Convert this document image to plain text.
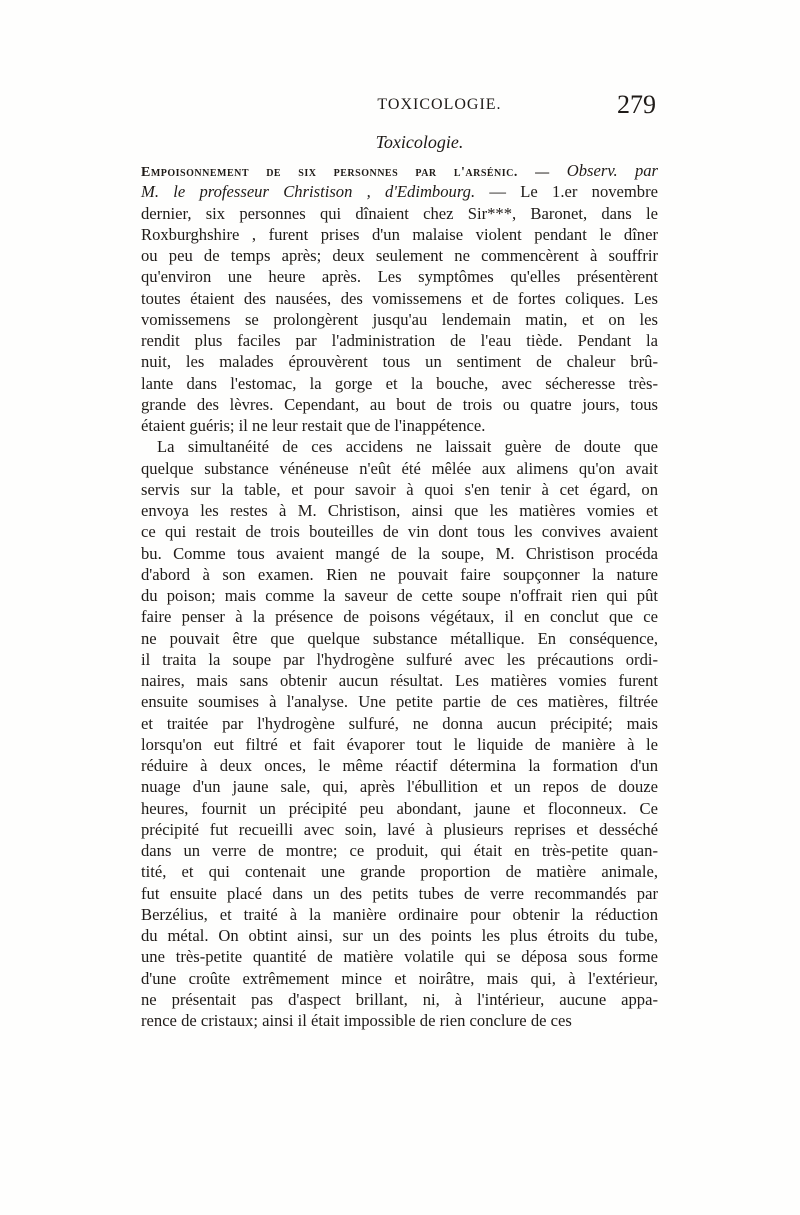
TOXICOLOGIE.	279
Toxicologie.
Empoisonnement de six personnes par l'arsénic. — Observ. par
M. le professeur Christison , d'Edimbourg. — Le 1.er novembre
dernier, six personnes qui dînaient chez Sir***, Baronet, dans le
Roxburghshire , furent prises d'un malaise violent pendant le dîner
ou peu de temps après; deux seulement ne commencèrent à souffrir
qu'environ une heure après. Les symptômes qu'elles présentèrent
toutes étaient des nausées, des vomissemens et de fortes coliques. Les
vomissemens se prolongèrent jusqu'au lendemain matin, et on les
rendit plus faciles par l'administration de l'eau tiède. Pendant la
nuit, les malades éprouvèrent tous un sentiment de chaleur brû-
lante dans l'estomac, la gorge et la bouche, avec sécheresse très-
grande des lèvres. Cependant, au bout de trois ou quatre jours, tous
étaient guéris; il ne leur restait que de l'inappétence.
La simultanéité de ces accidens ne laissait guère de doute que
quelque substance vénéneuse n'eût été mêlée aux alimens qu'on avait
servis sur la table, et pour savoir à quoi s'en tenir à cet égard, on
envoya les restes à M. Christison, ainsi que les matières vomies et
ce qui restait de trois bouteilles de vin dont tous les convives avaient
bu. Comme tous avaient mangé de la soupe, M. Christison procéda
d'abord à son examen. Rien ne pouvait faire soupçonner la nature
du poison; mais comme la saveur de cette soupe n'offrait rien qui pût
faire penser à la présence de poisons végétaux, il en conclut que ce
ne pouvait être que quelque substance métallique. En conséquence,
il traita la soupe par l'hydrogène sulfuré avec les précautions ordi-
naires, mais sans obtenir aucun résultat. Les matières vomies furent
ensuite soumises à l'analyse. Une petite partie de ces matières, filtrée
et traitée par l'hydrogène sulfuré, ne donna aucun précipité; mais
lorsqu'on eut filtré et fait évaporer tout le liquide de manière à le
réduire à deux onces, le même réactif détermina la formation d'un
nuage d'un jaune sale, qui, après l'ébullition et un repos de douze
heures, fournit un précipité peu abondant, jaune et floconneux. Ce
précipité fut recueilli avec soin, lavé à plusieurs reprises et desséché
dans un verre de montre; ce produit, qui était en très-petite quan-
tité, et qui contenait une grande proportion de matière animale,
fut ensuite placé dans un des petits tubes de verre recommandés par
Berzélius, et traité à la manière ordinaire pour obtenir la réduction
du métal. On obtint ainsi, sur un des points les plus étroits du tube,
une très-petite quantité de matière volatile qui se déposa sous forme
d'une croûte extrêmement mince et noirâtre, mais qui, à l'extérieur,
ne présentait pas d'aspect brillant, ni, à l'intérieur, aucune appa-
rence de cristaux; ainsi il était impossible de rien conclure de ces
